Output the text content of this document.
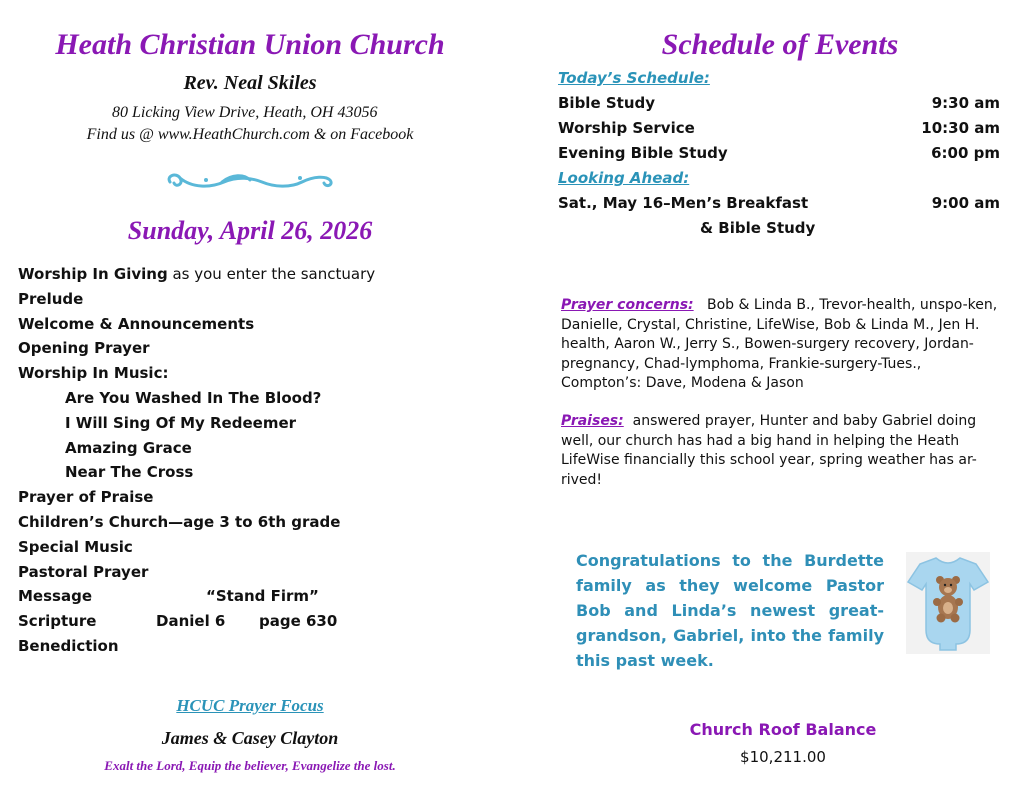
Heath Christian Union Church
Rev. Neal Skiles
80 Licking View Drive, Heath, OH 43056
Find us @ www.HeathChurch.com & on Facebook
Sunday, April 26, 2026
Worship In Giving as you enter the sanctuary
Prelude
Welcome & Announcements
Opening Prayer
Worship In Music:
Are You Washed In The Blood?
I Will Sing Of My Redeemer
Amazing Grace
Near The Cross
Prayer of Praise
Children’s Church—age 3 to 6th grade
Special Music
Pastoral Prayer
Message	“Stand Firm”
Scripture	Daniel 6 page 630
Benediction
HCUC Prayer Focus
James & Casey Clayton
Exalt the Lord, Equip the believer, Evangelize the lost.
Schedule of Events
Today’s Schedule:
Bible Study	9:30 am
Worship Service	10:30 am
Evening Bible Study	6:00 pm
Looking Ahead:
Sat., May 16–Men’s Breakfast	9:00 am
& Bible Study
Prayer concerns: Bob & Linda B., Trevor-health, unspo-ken, Danielle, Crystal, Christine, LifeWise, Bob & Linda M., Jen H. health, Aaron W., Jerry S., Bowen-surgery recovery, Jordan-pregnancy, Chad-lymphoma, Frankie-surgery-Tues., Compton’s: Dave, Modena & Jason
Praises: answered prayer, Hunter and baby Gabriel doing well, our church has had a big hand in helping the Heath LifeWise financially this school year, spring weather has ar-rived!
Congratulations to the Burdette family as they welcome Pastor Bob and Linda’s newest great-grandson, Gabriel, into the family this past week.
Church Roof Balance
$10,211.00
